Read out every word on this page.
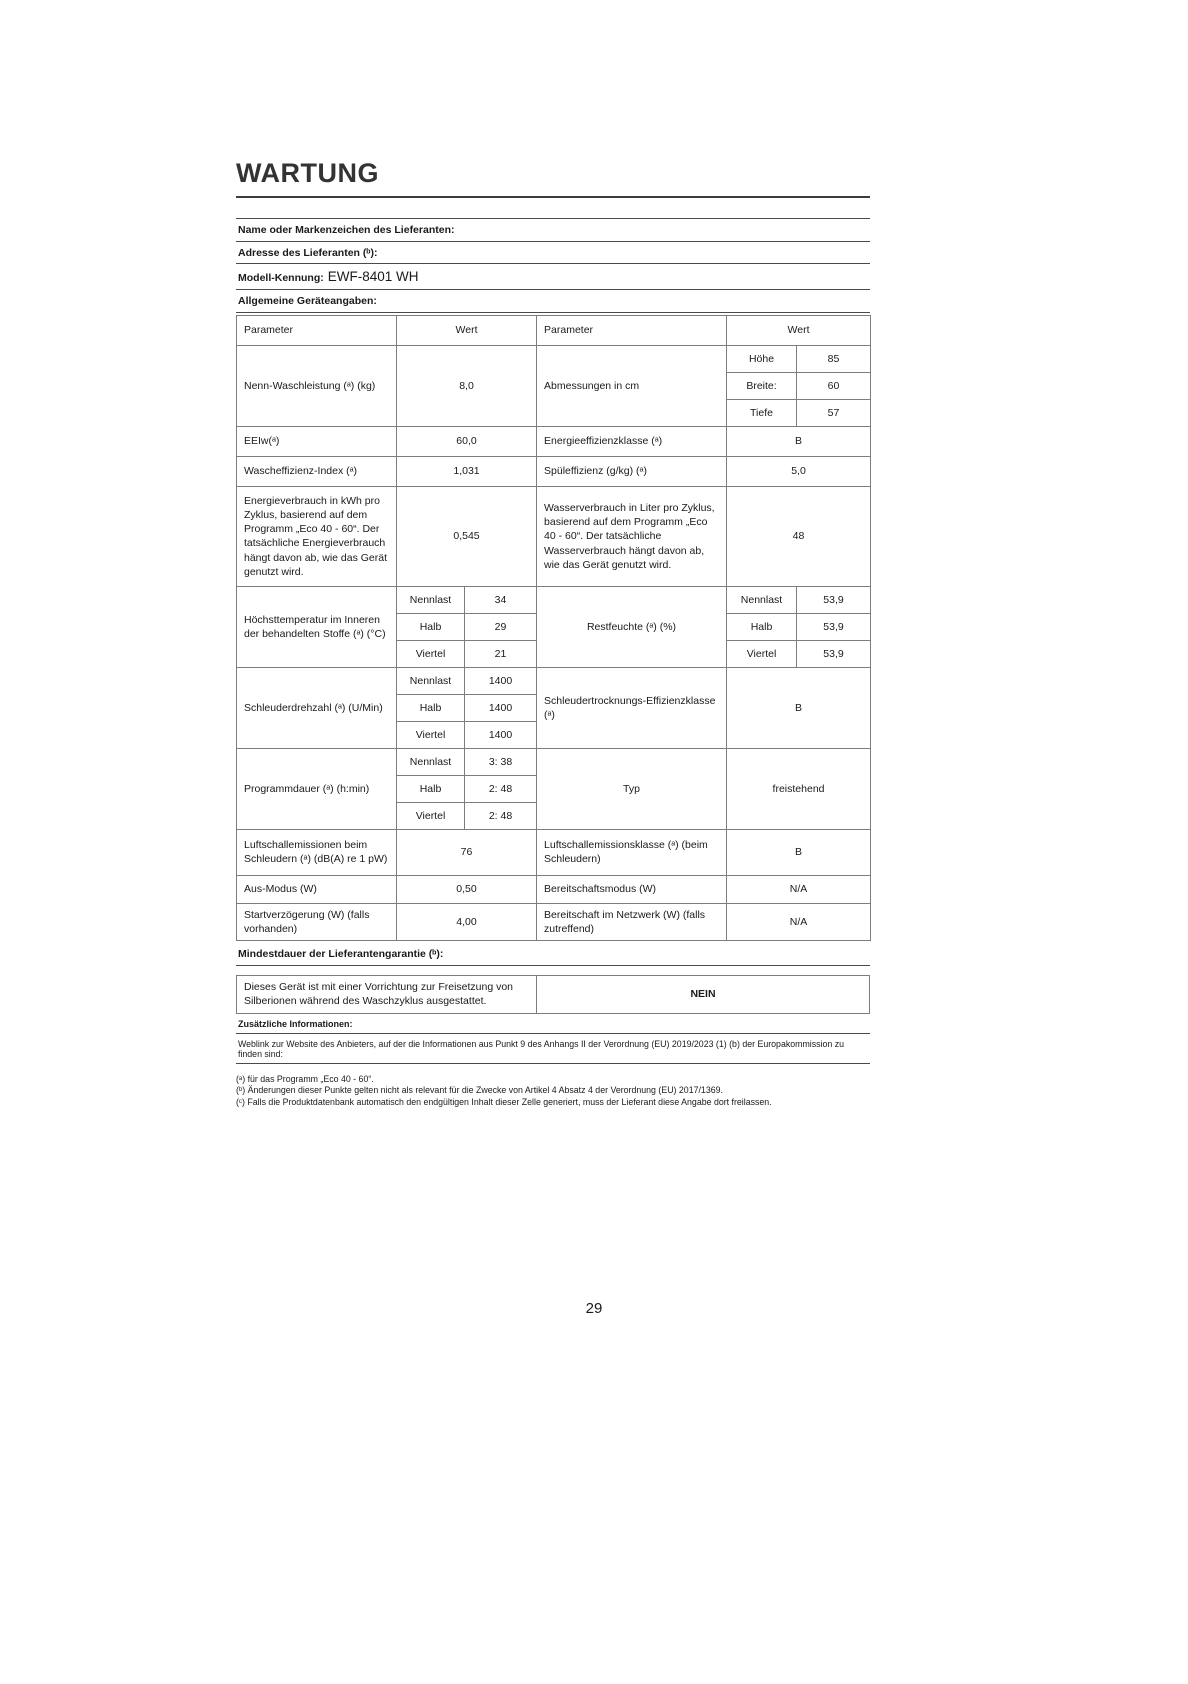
WARTUNG
Name oder Markenzeichen des Lieferanten:
Adresse des Lieferanten (ᵇ):
Modell-Kennung: EWF-8401 WH
Allgemeine Geräteangaben:
Parameter	Wert		Parameter	Wert	
Nenn-Waschleistung (ᵃ) (kg)	8,0		Abmessungen in cm	Höhe	85
				Breite:	60
				Tiefe	57
EEIw(ᵃ)	60,0		Energieeffizienzklasse (ᵃ)	B	
Wascheffizienz-Index (ᵃ)	1,031		Spüleffizienz (g/kg) (ᵃ)	5,0	
Energieverbrauch in kWh pro Zyklus, basierend auf dem Programm „Eco 40 - 60“. Der tatsächliche Energieverbrauch hängt davon ab, wie das Gerät genutzt wird.	0,545		Wasserverbrauch in Liter pro Zyklus, basierend auf dem Programm „Eco 40 - 60“. Der tatsächliche Wasserverbrauch hängt davon ab, wie das Gerät genutzt wird.	48	
Höchsttemperatur im Inneren der behandelten Stoffe (ᵃ) (°C)	Nennlast	34	Restfeuchte (ᵃ) (%)	Nennlast	53,9
	Halb	29		Halb	53,9
	Viertel	21		Viertel	53,9
Schleuderdrehzahl (ᵃ) (U/Min)	Nennlast	1400	Schleudertrocknungs-Effizienzklasse (ᵃ)	B	
	Halb	1400			
	Viertel	1400			
Programmdauer (ᵃ) (h:min)	Nennlast	3: 38	Typ	freistehend	
	Halb	2: 48			
	Viertel	2: 48			
Luftschallemissionen beim Schleudern (ᵃ) (dB(A) re 1 pW)	76		Luftschallemissionsklasse (ᵃ) (beim Schleudern)	B	
Aus-Modus (W)	0,50		Bereitschaftsmodus (W)	N/A	
Startverzögerung (W) (falls vorhanden)	4,00		Bereitschaft im Netzwerk (W) (falls zutreffend)	N/A	
Mindestdauer der Lieferantengarantie (ᵇ):
Dieses Gerät ist mit einer Vorrichtung zur Freisetzung von Silberionen während des Waschzyklus ausgestattet.	NEIN
Zusätzliche Informationen:
Weblink zur Website des Anbieters, auf der die Informationen aus Punkt 9 des Anhangs II der Verordnung (EU) 2019/2023 (1) (b) der Europakommission zu finden sind:
(ᵃ) für das Programm „Eco 40 - 60“.
(ᵇ) Änderungen dieser Punkte gelten nicht als relevant für die Zwecke von Artikel 4 Absatz 4 der Verordnung (EU) 2017/1369.
(ᶜ) Falls die Produktdatenbank automatisch den endgültigen Inhalt dieser Zelle generiert, muss der Lieferant diese Angabe dort freilassen.
29
